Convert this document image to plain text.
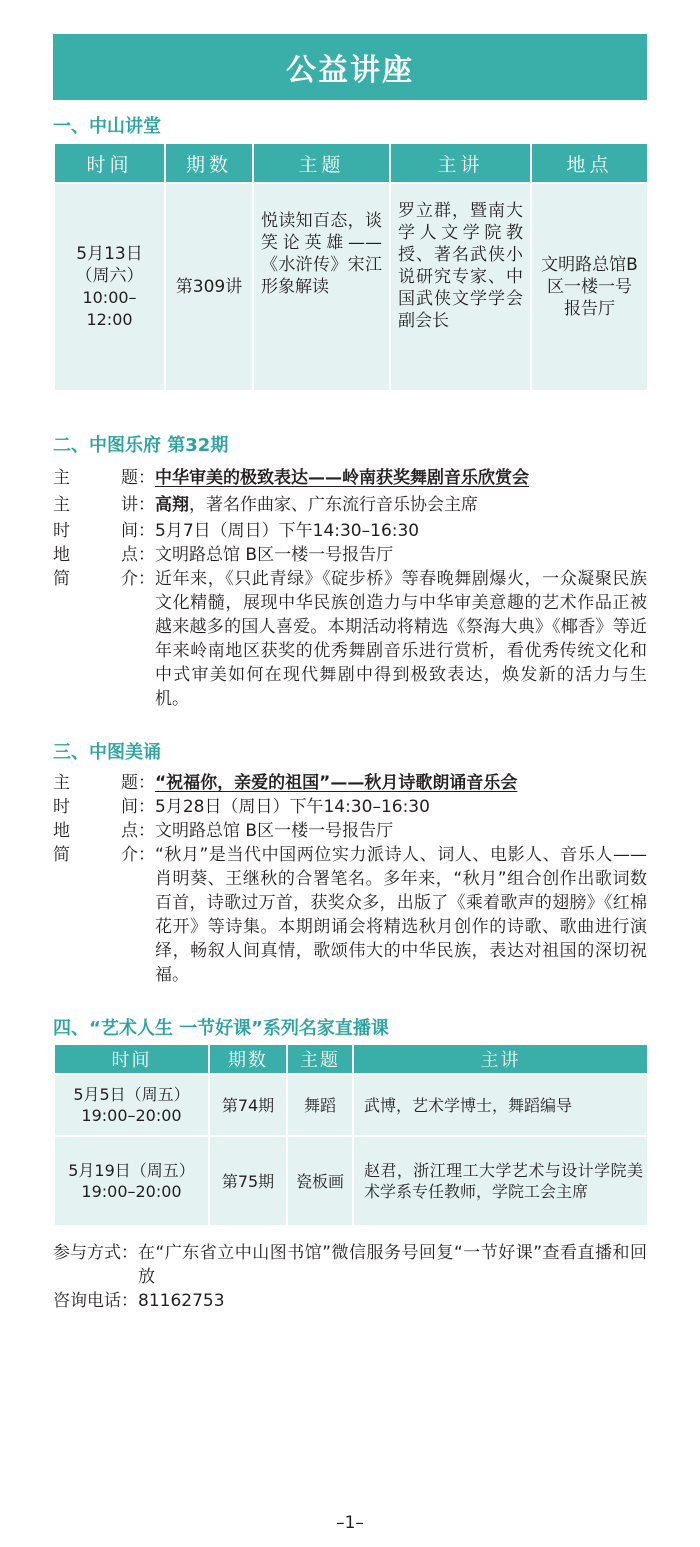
公益讲座
一、中山讲堂
时间	期数	主题	主讲	地点

5月13日
（周六）
10:00–12:00	第309讲	悦读知百态，谈笑论英雄——《水浒传》宋江形象解读	罗立群，暨南大学人文学院教授、著名武侠小说研究专家、中国武侠文学学会副会长	文明路总馆B区一楼一号报告厅
二、中图乐府 第32期
主	题 ：	中华审美的极致表达——岭南获奖舞剧音乐欣赏会
主	讲 ：	高翔，著名作曲家、广东流行音乐协会主席
时	间 ：	5月7日（周日）下午14:30–16:30
地	点 ：	文明路总馆 B区一楼一号报告厅
简	介 ：	近年来，《只此青绿》《碇步桥》等春晚舞剧爆火，一众凝聚民族文化精髓，展现中华民族创造力与中华审美意趣的艺术作品正被越来越多的国人喜爱。本期活动将精选《祭海大典》《椰香》等近年来岭南地区获奖的优秀舞剧音乐进行赏析，看优秀传统文化和中式审美如何在现代舞剧中得到极致表达，焕发新的活力与生机。
三、中图美诵
主	题 ：	“祝福你，亲爱的祖国”——秋月诗歌朗诵音乐会
时	间 ：	5月28日（周日）下午14:30–16:30
地	点 ：	文明路总馆 B区一楼一号报告厅
简	介 ：	“秋月”是当代中国两位实力派诗人、词人、电影人、音乐人——肖明葵、王继秋的合署笔名。多年来，“秋月”组合创作出歌词数百首，诗歌过万首，获奖众多，出版了《乘着歌声的翅膀》《红棉花开》等诗集。本期朗诵会将精选秋月创作的诗歌、歌曲进行演绎，畅叙人间真情，歌颂伟大的中华民族，表达对祖国的深切祝福。
四、“艺术人生 一节好课”系列名家直播课
时间	期数	主题	主讲

5月5日（周五）
19:00–20:00	第74期	舞蹈	武博，艺术学博士，舞蹈编导

5月19日（周五）
19:00–20:00	第75期	瓷板画	赵君，浙江理工大学艺术与设计学院美术学系专任教师，学院工会主席
参与方式： 在“广东省立中山图书馆”微信服务号回复“一节好课”查看直播和回放
咨询电话： 81162753
–1–
